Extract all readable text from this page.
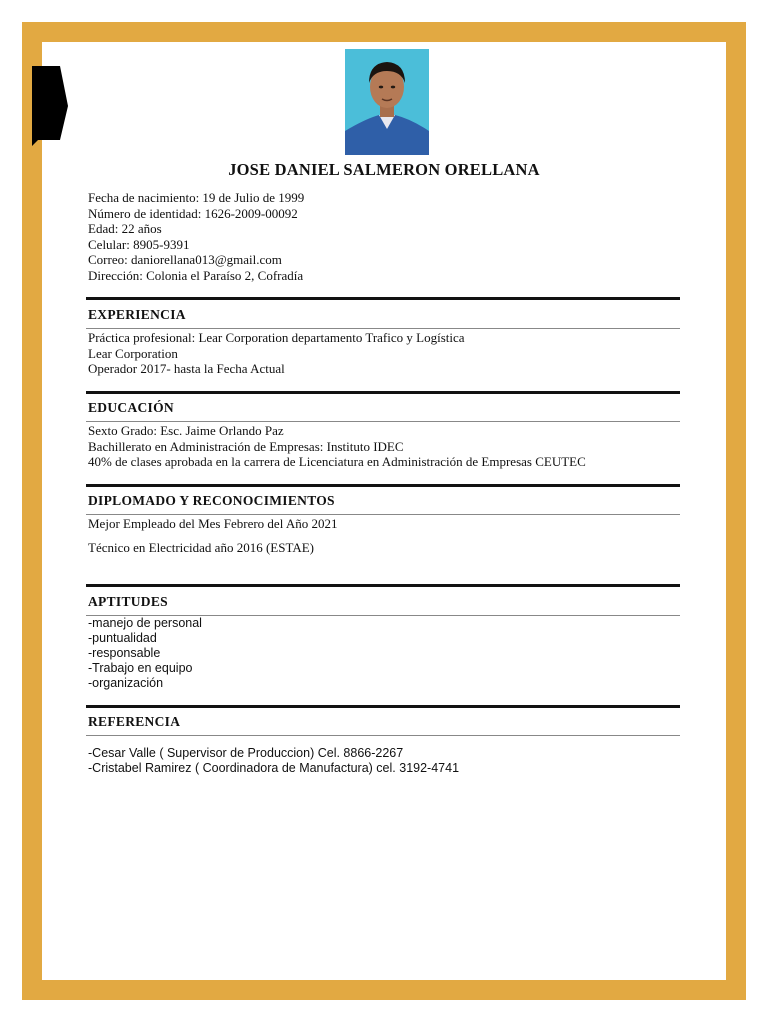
JOSE DANIEL SALMERON ORELLANA
Fecha de nacimiento: 19 de Julio de 1999
Número de identidad: 1626-2009-00092
Edad: 22 años
Celular: 8905-9391
Correo: daniorellana013@gmail.com
Dirección: Colonia el Paraíso 2, Cofradía
EXPERIENCIA
Práctica profesional: Lear Corporation departamento Trafico y Logística
Lear Corporation
Operador 2017- hasta la Fecha Actual
EDUCACIÓN
Sexto Grado: Esc. Jaime Orlando Paz
Bachillerato en Administración de Empresas: Instituto IDEC
40% de clases aprobada en la carrera de Licenciatura en Administración de Empresas CEUTEC
DIPLOMADO Y RECONOCIMIENTOS
Mejor Empleado del Mes Febrero del Año 2021
Técnico en Electricidad año 2016 (ESTAE)
APTITUDES
-manejo de personal
-puntualidad
-responsable
-Trabajo en equipo
-organización
REFERENCIA
-Cesar Valle ( Supervisor de Produccion) Cel. 8866-2267
-Cristabel Ramirez ( Coordinadora de Manufactura) cel. 3192-4741
